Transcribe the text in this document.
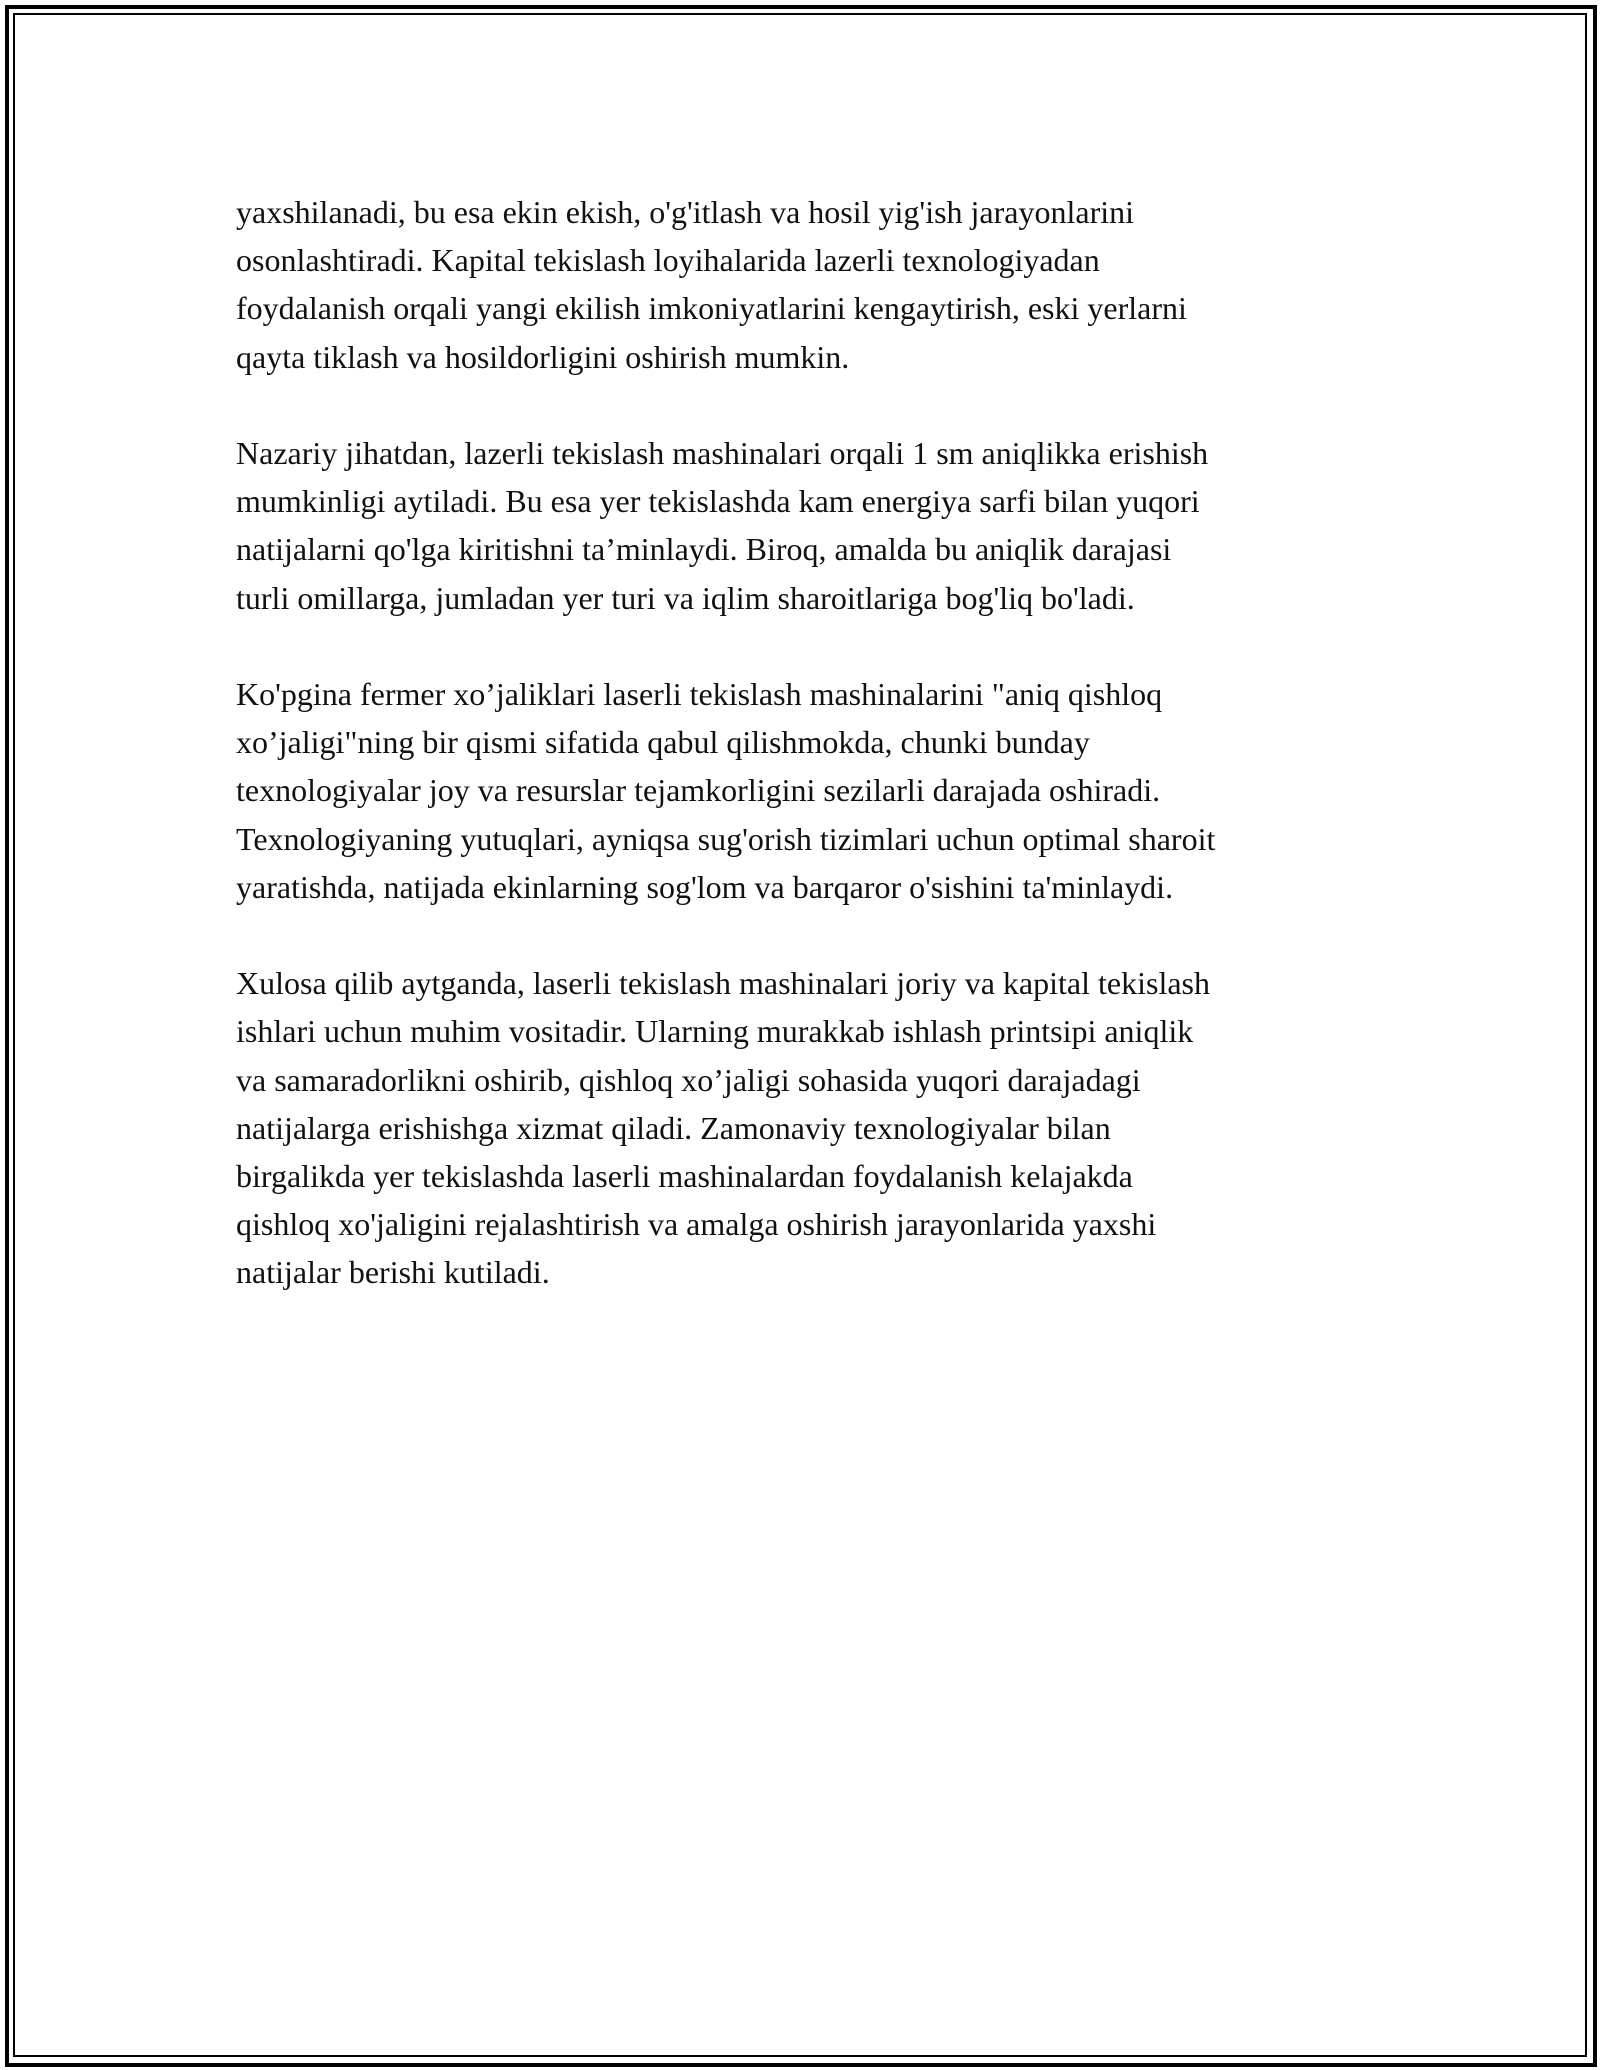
yaxshilanadi, bu esa ekin ekish, o'g'itlash va hosil yig'ish jarayonlarini
osonlashtiradi. Kapital tekislash loyihalarida lazerli texnologiyadan
foydalanish orqali yangi ekilish imkoniyatlarini kengaytirish, eski yerlarni
qayta tiklash va hosildorligini oshirish mumkin.

Nazariy jihatdan, lazerli tekislash mashinalari orqali 1 sm aniqlikka erishish
mumkinligi aytiladi. Bu esa yer tekislashda kam energiya sarfi bilan yuqori
natijalarni qo'lga kiritishni ta’minlaydi. Biroq, amalda bu aniqlik darajasi
turli omillarga, jumladan yer turi va iqlim sharoitlariga bog'liq bo'ladi.

Ko'pgina fermer xo’jaliklari laserli tekislash mashinalarini "aniq qishloq
xo’jaligi"ning bir qismi sifatida qabul qilishmokda, chunki bunday
texnologiyalar joy va resurslar tejamkorligini sezilarli darajada oshiradi.
Texnologiyaning yutuqlari, ayniqsa sug'orish tizimlari uchun optimal sharoit
yaratishda, natijada ekinlarning sog'lom va barqaror o'sishini ta'minlaydi.

Xulosa qilib aytganda, laserli tekislash mashinalari joriy va kapital tekislash
ishlari uchun muhim vositadir. Ularning murakkab ishlash printsipi aniqlik
va samaradorlikni oshirib, qishloq xo’jaligi sohasida yuqori darajadagi
natijalarga erishishga xizmat qiladi. Zamonaviy texnologiyalar bilan
birgalikda yer tekislashda laserli mashinalardan foydalanish kelajakda
qishloq xo'jaligini rejalashtirish va amalga oshirish jarayonlarida yaxshi
natijalar berishi kutiladi.
